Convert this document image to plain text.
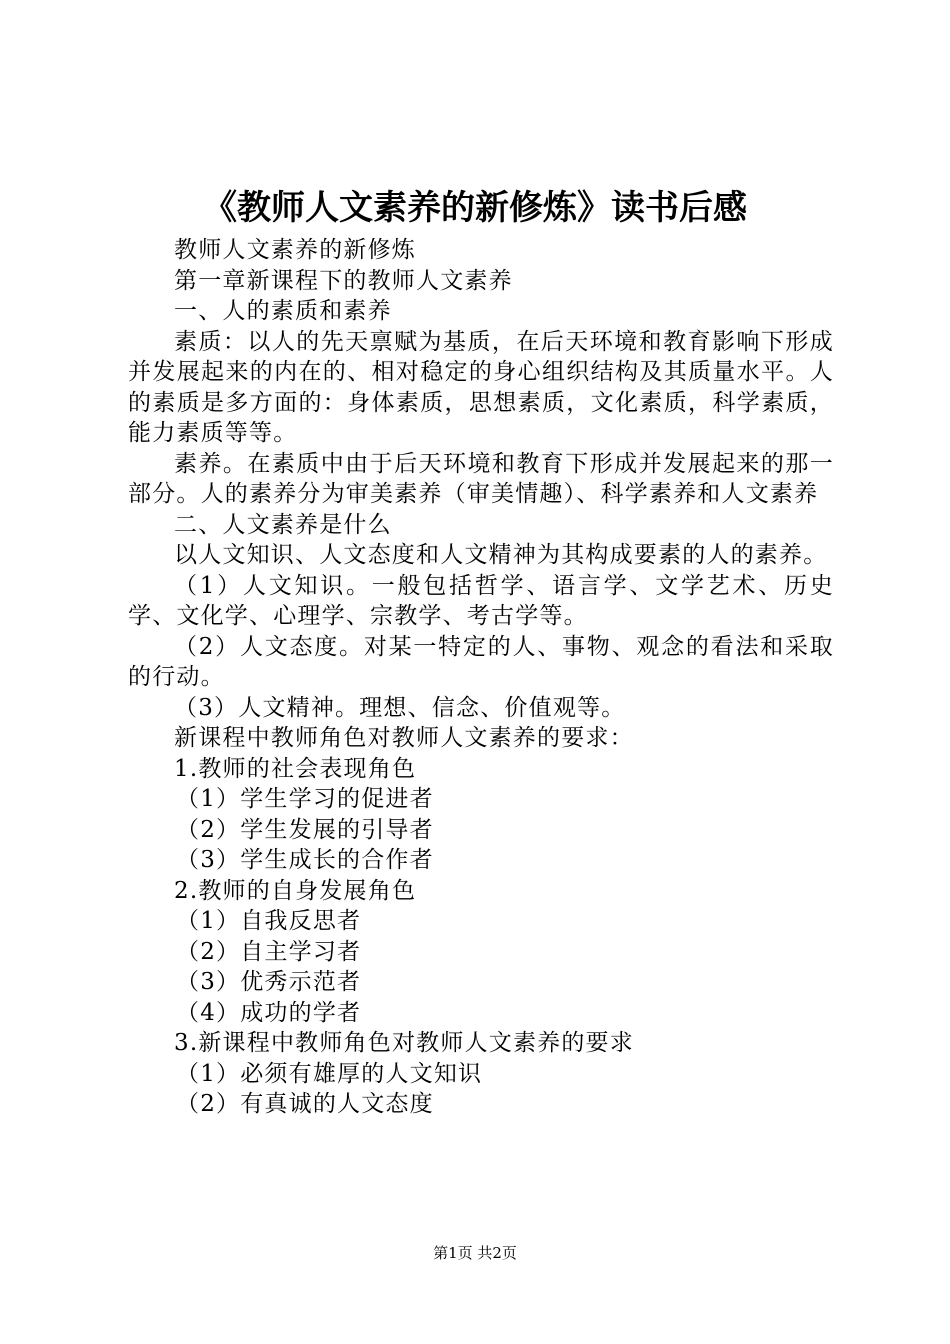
《教师人文素养的新修炼》读书后感

教师人文素养的新修炼

第一章新课程下的教师人文素养

一、人的素质和素养

素质：以人的先天禀赋为基质，在后天环境和教育影响下形成并发展起来的内在的、相对稳定的身心组织结构及其质量水平。人的素质是多方面的：身体素质，思想素质，文化素质，科学素质，能力素质等等。

素养。在素质中由于后天环境和教育下形成并发展起来的那一部分。人的素养分为审美素养（审美情趣）、科学素养和人文素养

二、人文素养是什么

以人文知识、人文态度和人文精神为其构成要素的人的素养。

（1）人文知识。一般包括哲学、语言学、文学艺术、历史学、文化学、心理学、宗教学、考古学等。

（2）人文态度。对某一特定的人、事物、观念的看法和采取的行动。

（3）人文精神。理想、信念、价值观等。

新课程中教师角色对教师人文素养的要求：

1.教师的社会表现角色

（1）学生学习的促进者

（2）学生发展的引导者

（3）学生成长的合作者

2.教师的自身发展角色

（1）自我反思者

（2）自主学习者

（3）优秀示范者

（4）成功的学者

3.新课程中教师角色对教师人文素养的要求

（1）必须有雄厚的人文知识

（2）有真诚的人文态度

第1页 共2页
